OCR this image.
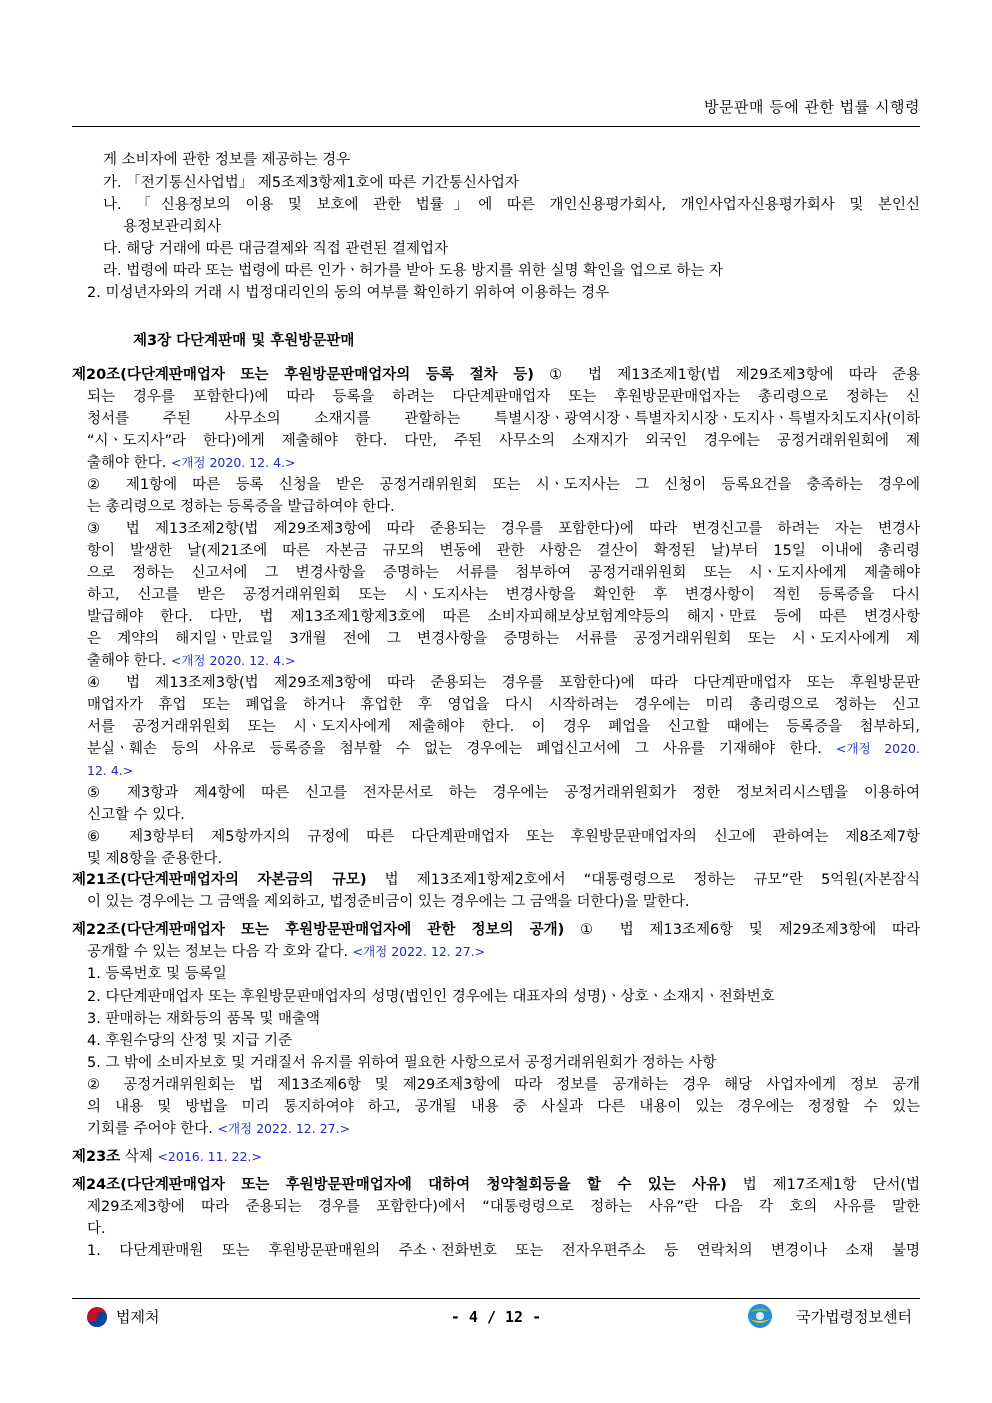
방문판매 등에 관한 법률 시행령
게 소비자에 관한 정보를 제공하는 경우
가. 「전기통신사업법」 제5조제3항제1호에 따른 기간통신사업자
나. 「신용정보의 이용 및 보호에 관한 법률」에 따른 개인신용평가회사, 개인사업자신용평가회사 및 본인신
용정보관리회사
다. 해당 거래에 따른 대금결제와 직접 관련된 결제업자
라. 법령에 따라 또는 법령에 따른 인가ㆍ허가를 받아 도용 방지를 위한 실명 확인을 업으로 하는 자
2. 미성년자와의 거래 시 법정대리인의 동의 여부를 확인하기 위하여 이용하는 경우
제3장 다단계판매 및 후원방문판매
제20조(다단계판매업자 또는 후원방문판매업자의 등록 절차 등) ① 법 제13조제1항(법 제29조제3항에 따라 준용
되는 경우를 포함한다)에 따라 등록을 하려는 다단계판매업자 또는 후원방문판매업자는 총리령으로 정하는 신
청서를 주된 사무소의 소재지를 관할하는 특별시장ㆍ광역시장ㆍ특별자치시장ㆍ도지사ㆍ특별자치도지사(이하
“시ㆍ도지사”라 한다)에게 제출해야 한다. 다만, 주된 사무소의 소재지가 외국인 경우에는 공정거래위원회에 제
출해야 한다. <개정 2020. 12. 4.>
② 제1항에 따른 등록 신청을 받은 공정거래위원회 또는 시ㆍ도지사는 그 신청이 등록요건을 충족하는 경우에
는 총리령으로 정하는 등록증을 발급하여야 한다.
③ 법 제13조제2항(법 제29조제3항에 따라 준용되는 경우를 포함한다)에 따라 변경신고를 하려는 자는 변경사
항이 발생한 날(제21조에 따른 자본금 규모의 변동에 관한 사항은 결산이 확정된 날)부터 15일 이내에 총리령
으로 정하는 신고서에 그 변경사항을 증명하는 서류를 첨부하여 공정거래위원회 또는 시ㆍ도지사에게 제출해야
하고, 신고를 받은 공정거래위원회 또는 시ㆍ도지사는 변경사항을 확인한 후 변경사항이 적힌 등록증을 다시
발급해야 한다. 다만, 법 제13조제1항제3호에 따른 소비자피해보상보험계약등의 해지ㆍ만료 등에 따른 변경사항
은 계약의 해지일ㆍ만료일 3개월 전에 그 변경사항을 증명하는 서류를 공정거래위원회 또는 시ㆍ도지사에게 제
출해야 한다. <개정 2020. 12. 4.>
④ 법 제13조제3항(법 제29조제3항에 따라 준용되는 경우를 포함한다)에 따라 다단계판매업자 또는 후원방문판
매업자가 휴업 또는 폐업을 하거나 휴업한 후 영업을 다시 시작하려는 경우에는 미리 총리령으로 정하는 신고
서를 공정거래위원회 또는 시ㆍ도지사에게 제출해야 한다. 이 경우 폐업을 신고할 때에는 등록증을 첨부하되,
분실ㆍ훼손 등의 사유로 등록증을 첨부할 수 없는 경우에는 폐업신고서에 그 사유를 기재해야 한다. <개정 2020.
12. 4.>
⑤ 제3항과 제4항에 따른 신고를 전자문서로 하는 경우에는 공정거래위원회가 정한 정보처리시스템을 이용하여
신고할 수 있다.
⑥ 제3항부터 제5항까지의 규정에 따른 다단계판매업자 또는 후원방문판매업자의 신고에 관하여는 제8조제7항
및 제8항을 준용한다.
제21조(다단계판매업자의 자본금의 규모) 법 제13조제1항제2호에서 “대통령령으로 정하는 규모”란 5억원(자본잠식
이 있는 경우에는 그 금액을 제외하고, 법정준비금이 있는 경우에는 그 금액을 더한다)을 말한다.
제22조(다단계판매업자 또는 후원방문판매업자에 관한 정보의 공개) ① 법 제13조제6항 및 제29조제3항에 따라
공개할 수 있는 정보는 다음 각 호와 같다. <개정 2022. 12. 27.>
1. 등록번호 및 등록일
2. 다단계판매업자 또는 후원방문판매업자의 성명(법인인 경우에는 대표자의 성명)ㆍ상호ㆍ소재지ㆍ전화번호
3. 판매하는 재화등의 품목 및 매출액
4. 후원수당의 산정 및 지급 기준
5. 그 밖에 소비자보호 및 거래질서 유지를 위하여 필요한 사항으로서 공정거래위원회가 정하는 사항
② 공정거래위원회는 법 제13조제6항 및 제29조제3항에 따라 정보를 공개하는 경우 해당 사업자에게 정보 공개
의 내용 및 방법을 미리 통지하여야 하고, 공개될 내용 중 사실과 다른 내용이 있는 경우에는 정정할 수 있는
기회를 주어야 한다. <개정 2022. 12. 27.>
제23조 삭제 <2016. 11. 22.>
제24조(다단계판매업자 또는 후원방문판매업자에 대하여 청약철회등을 할 수 있는 사유) 법 제17조제1항 단서(법
제29조제3항에 따라 준용되는 경우를 포함한다)에서 “대통령령으로 정하는 사유”란 다음 각 호의 사유를 말한
다.
1. 다단계판매원 또는 후원방문판매원의 주소ㆍ전화번호 또는 전자우편주소 등 연락처의 변경이나 소재 불명
법제처	- 4 / 12 -	국가법령정보센터
